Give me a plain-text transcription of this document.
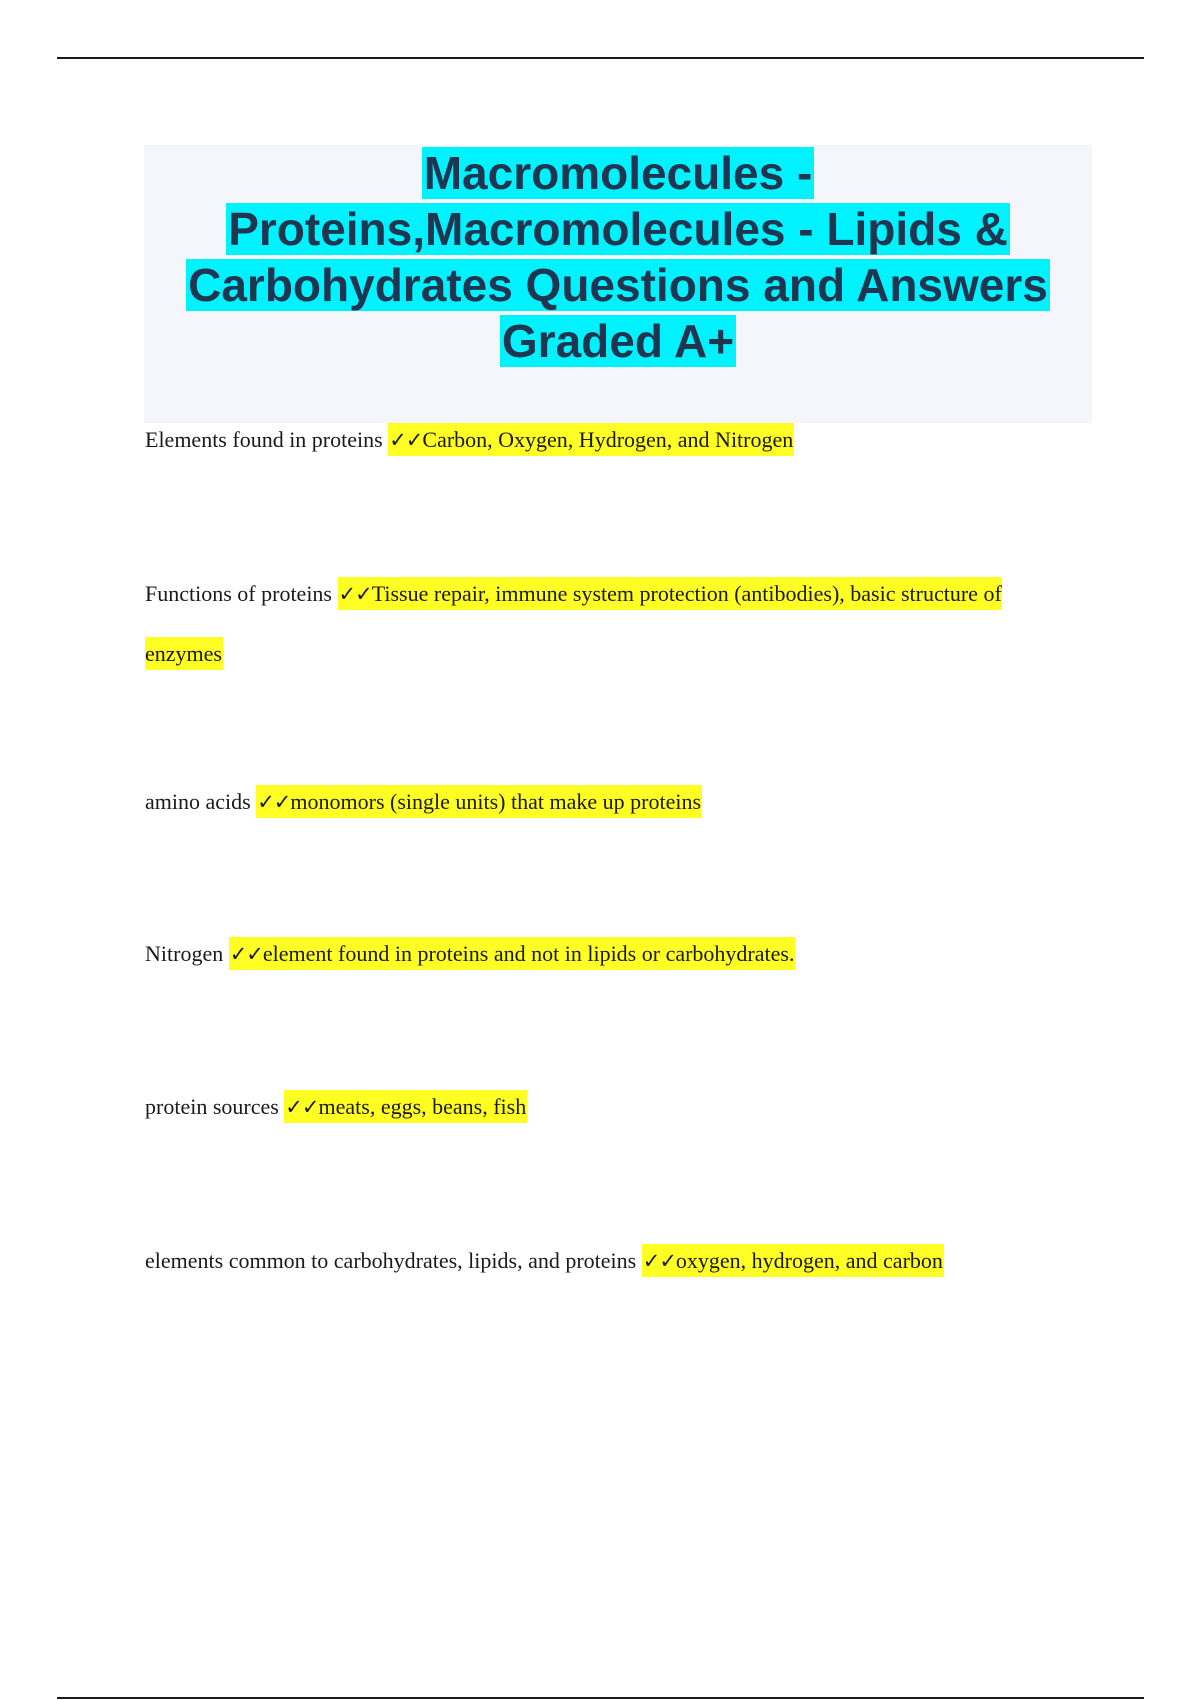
Macromolecules -
Proteins,Macromolecules - Lipids &
Carbohydrates Questions and Answers
Graded A+

Elements found in proteins ✓✓Carbon, Oxygen, Hydrogen, and Nitrogen

Functions of proteins ✓✓Tissue repair, immune system protection (antibodies), basic structure of enzymes

amino acids ✓✓monomors (single units) that make up proteins

Nitrogen ✓✓element found in proteins and not in lipids or carbohydrates.

protein sources ✓✓meats, eggs, beans, fish

elements common to carbohydrates, lipids, and proteins ✓✓oxygen, hydrogen, and carbon
